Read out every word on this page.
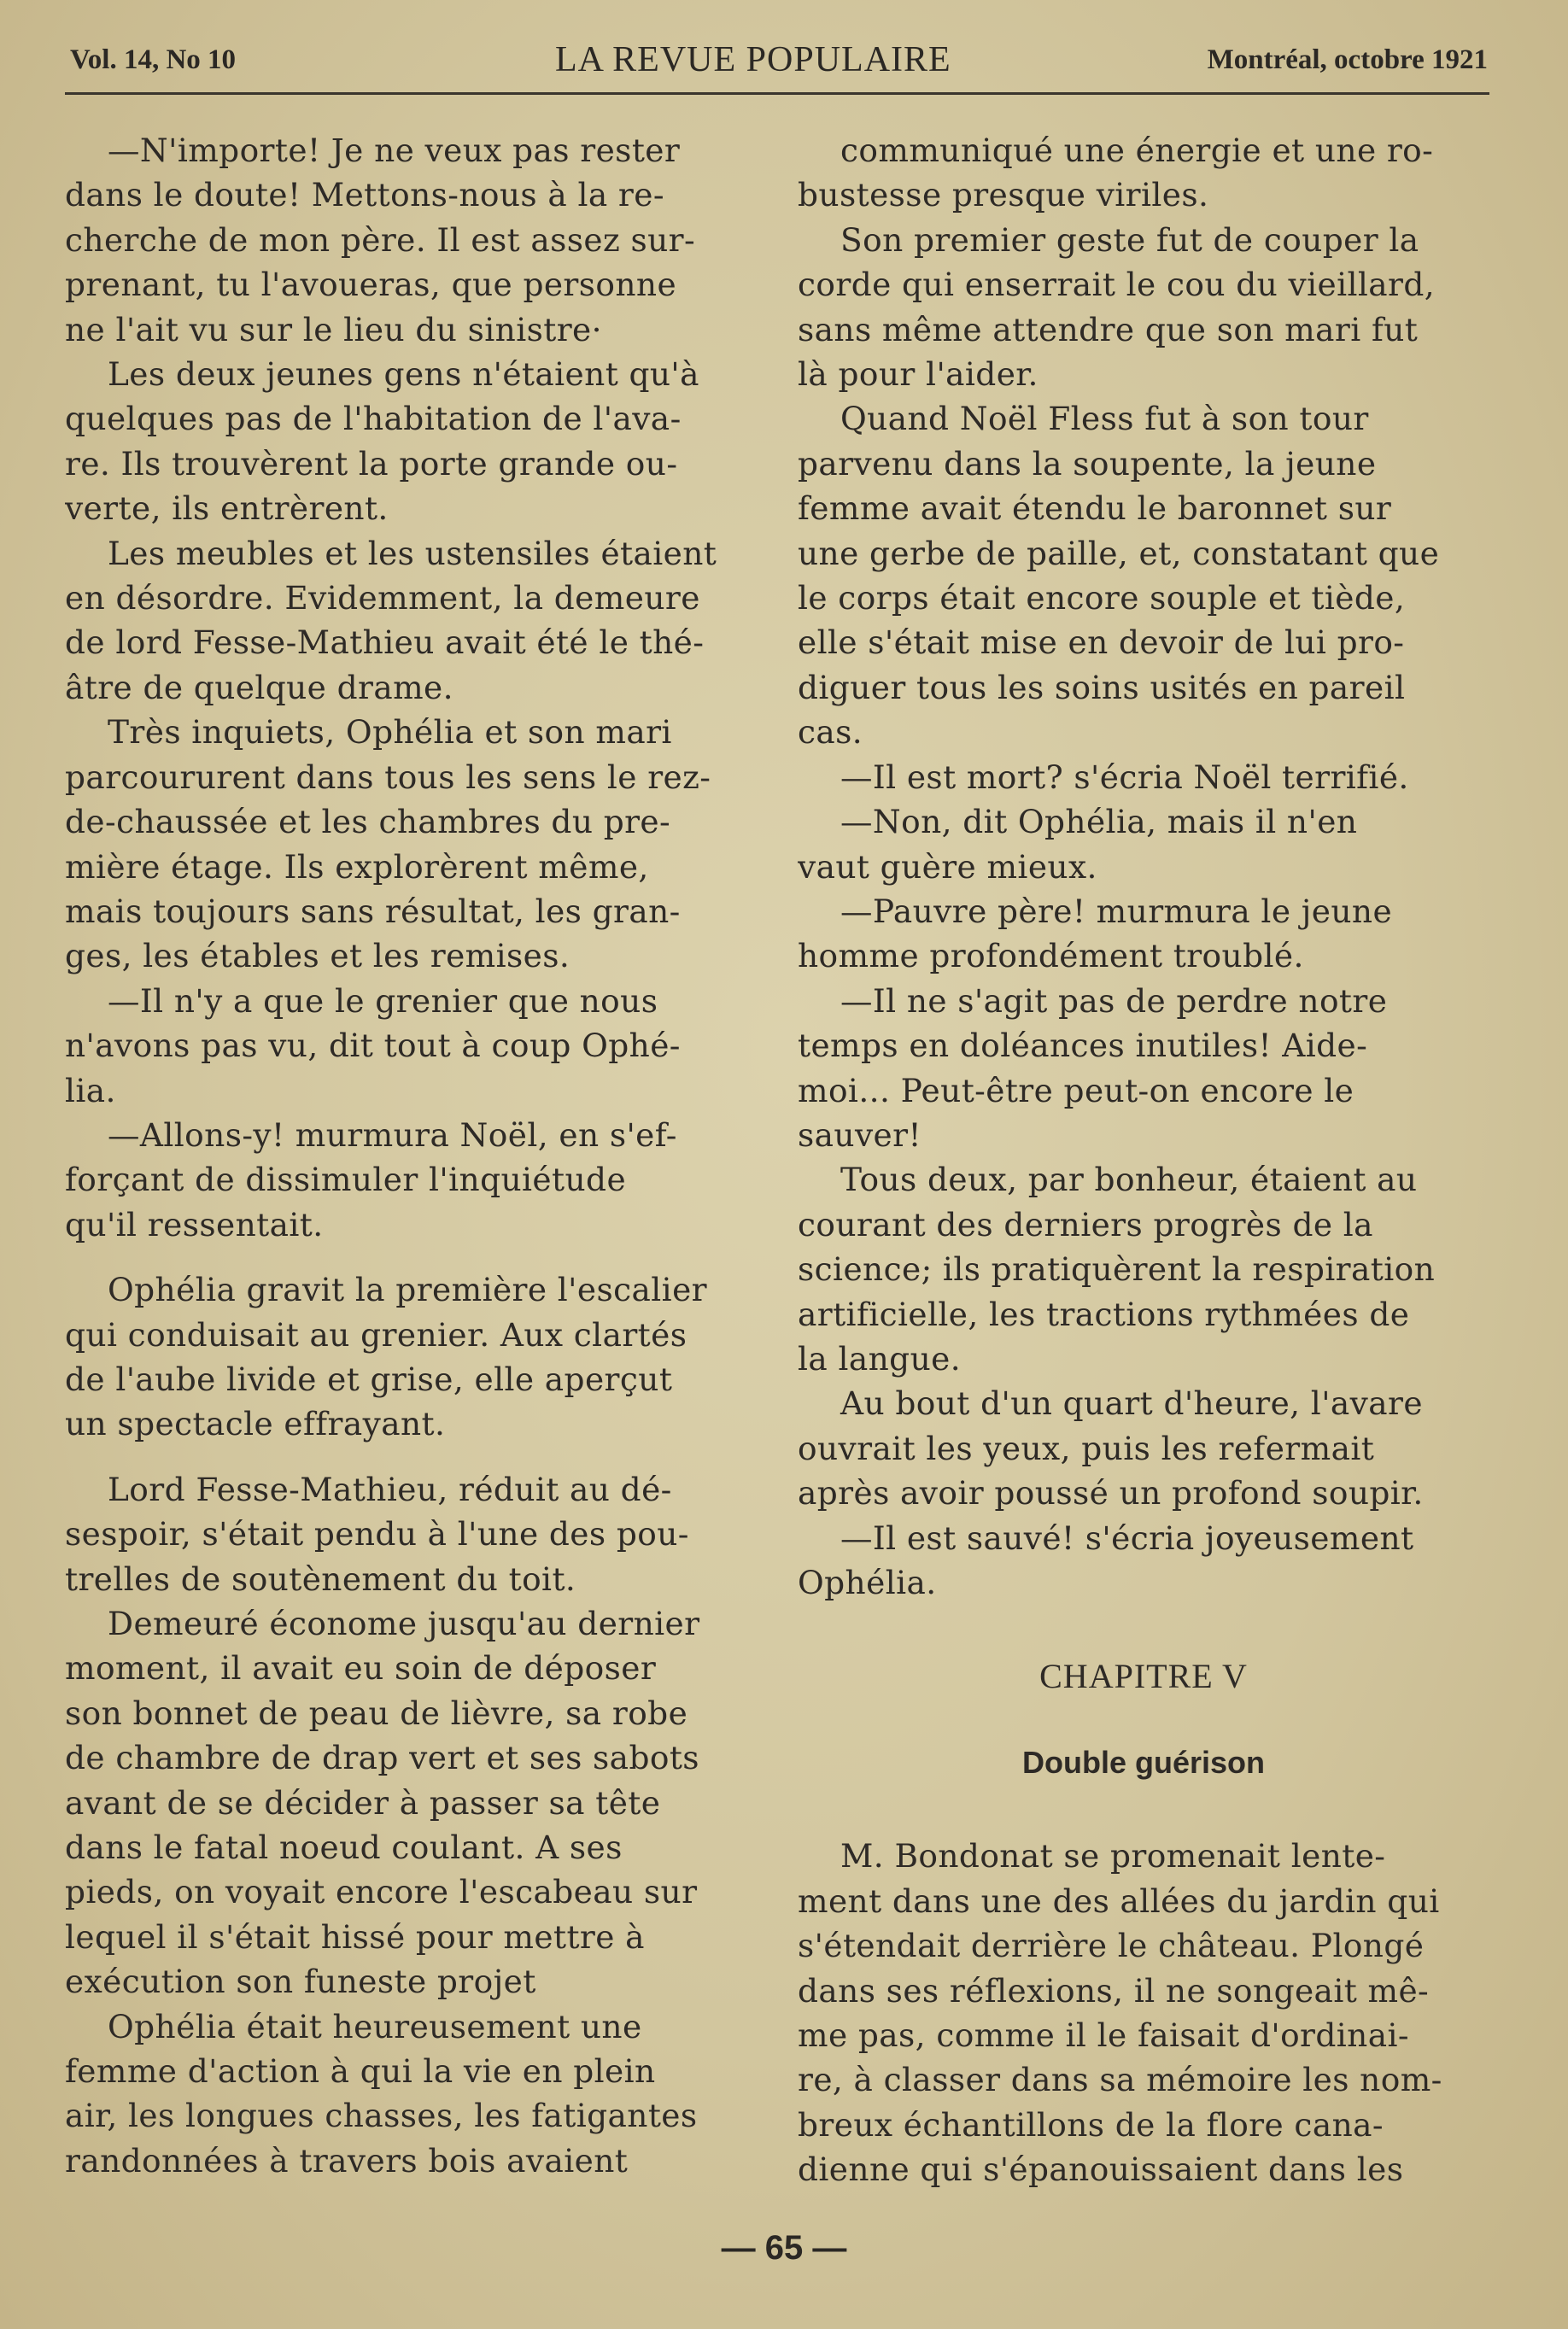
Vol. 14, No 10	LA REVUE POPULAIRE	Montréal, octobre 1921
—N'importe! Je ne veux pas rester
dans le doute! Mettons-nous à la re-
cherche de mon père. Il est assez sur-
prenant, tu l'avoueras, que personne
ne l'ait vu sur le lieu du sinistre·
Les deux jeunes gens n'étaient qu'à
quelques pas de l'habitation de l'ava-
re. Ils trouvèrent la porte grande ou-
verte, ils entrèrent.
Les meubles et les ustensiles étaient
en désordre. Evidemment, la demeure
de lord Fesse-Mathieu avait été le thé-
âtre de quelque drame.
Très inquiets, Ophélia et son mari
parcoururent dans tous les sens le rez-
de-chaussée et les chambres du pre-
mière étage. Ils explorèrent même,
mais toujours sans résultat, les gran-
ges, les étables et les remises.
—Il n'y a que le grenier que nous
n'avons pas vu, dit tout à coup Ophé-
lia.
—Allons-y! murmura Noël, en s'ef-
forçant de dissimuler l'inquiétude
qu'il ressentait.
Ophélia gravit la première l'escalier
qui conduisait au grenier. Aux clartés
de l'aube livide et grise, elle aperçut
un spectacle effrayant.
Lord Fesse-Mathieu, réduit au dé-
sespoir, s'était pendu à l'une des pou-
trelles de soutènement du toit.
Demeuré économe jusqu'au dernier
moment, il avait eu soin de déposer
son bonnet de peau de lièvre, sa robe
de chambre de drap vert et ses sabots
avant de se décider à passer sa tête
dans le fatal noeud coulant. A ses
pieds, on voyait encore l'escabeau sur
lequel il s'était hissé pour mettre à
exécution son funeste projet
Ophélia était heureusement une
femme d'action à qui la vie en plein
air, les longues chasses, les fatigantes
randonnées à travers bois avaient
communiqué une énergie et une ro-
bustesse presque viriles.
Son premier geste fut de couper la
corde qui enserrait le cou du vieillard,
sans même attendre que son mari fut
là pour l'aider.
Quand Noël Fless fut à son tour
parvenu dans la soupente, la jeune
femme avait étendu le baronnet sur
une gerbe de paille, et, constatant que
le corps était encore souple et tiède,
elle s'était mise en devoir de lui pro-
diguer tous les soins usités en pareil
cas.
—Il est mort? s'écria Noël terrifié.
—Non, dit Ophélia, mais il n'en
vaut guère mieux.
—Pauvre père! murmura le jeune
homme profondément troublé.
—Il ne s'agit pas de perdre notre
temps en doléances inutiles! Aide-
moi... Peut-être peut-on encore le
sauver!
Tous deux, par bonheur, étaient au
courant des derniers progrès de la
science; ils pratiquèrent la respiration
artificielle, les tractions rythmées de
la langue.
Au bout d'un quart d'heure, l'avare
ouvrait les yeux, puis les refermait
après avoir poussé un profond soupir.
—Il est sauvé! s'écria joyeusement
Ophélia.
CHAPITRE V
Double guérison
M. Bondonat se promenait lente-
ment dans une des allées du jardin qui
s'étendait derrière le château. Plongé
dans ses réflexions, il ne songeait mê-
me pas, comme il le faisait d'ordinai-
re, à classer dans sa mémoire les nom-
breux échantillons de la flore cana-
dienne qui s'épanouissaient dans les
— 65 —
